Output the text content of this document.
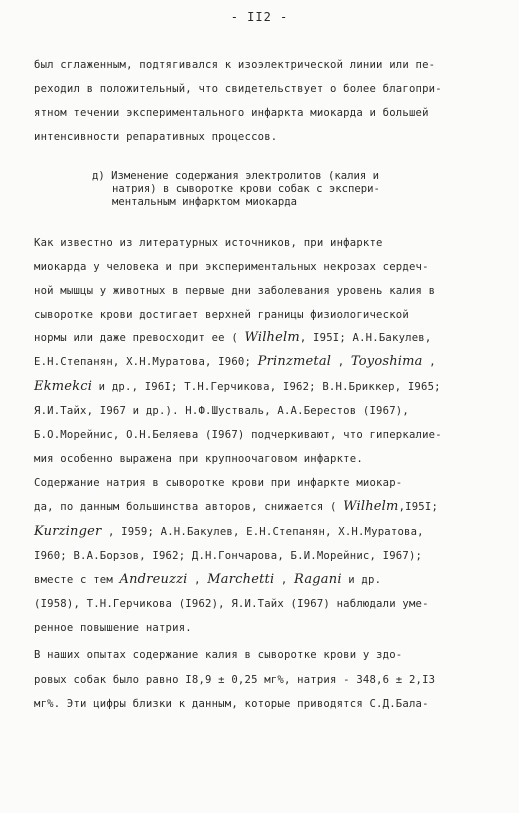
- II2 -
был сглаженным, подтягивался к изоэлектрической линии или пе-
реходил в положительный, что свидетельствует о более благопри-
ятном течении экспериментального инфаркта миокарда и большей
интенсивности репаративных процессов.
д) Изменение содержания электролитов (калия и
натрия) в сыворотке крови собак с экспери-
ментальным инфарктом миокарда
Как известно из литературных источников, при инфаркте
миокарда у человека и при экспериментальных некрозах сердеч-
ной мышцы у животных в первые дни заболевания уровень калия в
сыворотке крови достигает верхней границы физиологической
нормы или даже превосходит ее ( Wilhelm, I95I; А.Н.Бакулев,
Е.Н.Степанян, Х.Н.Муратова, I960; Prinzmetal , Toyoshima ,
Ekmekci и др., I96I; Т.Н.Герчикова, I962; В.Н.Бриккер, I965;
Я.И.Тайх, I967 и др.). Н.Ф.Шустваль, А.А.Берестов (I967),
Б.О.Морейнис, О.Н.Беляева (I967) подчеркивают, что гиперкалие-
мия особенно выражена при крупноочаговом инфаркте.
Содержание натрия в сыворотке крови при инфаркте миокар-
да, по данным большинства авторов, снижается ( Wilhelm,I95I;
Kurzinger , I959; А.Н.Бакулев, Е.Н.Степанян, Х.Н.Муратова,
I960; В.А.Борзов, I962; Д.Н.Гончарова, Б.И.Морейнис, I967);
вместе с тем Andreuzzi , Marchetti , Ragani и др.
(I958), Т.Н.Герчикова (I962), Я.И.Тайх (I967) наблюдали уме-
ренное повышение натрия.
В наших опытах содержание калия в сыворотке крови у здо-
ровых собак было равно I8,9 ± 0,25 мг%, натрия - 348,6 ± 2,I3
мг%. Эти цифры близки к данным, которые приводятся С.Д.Бала-
